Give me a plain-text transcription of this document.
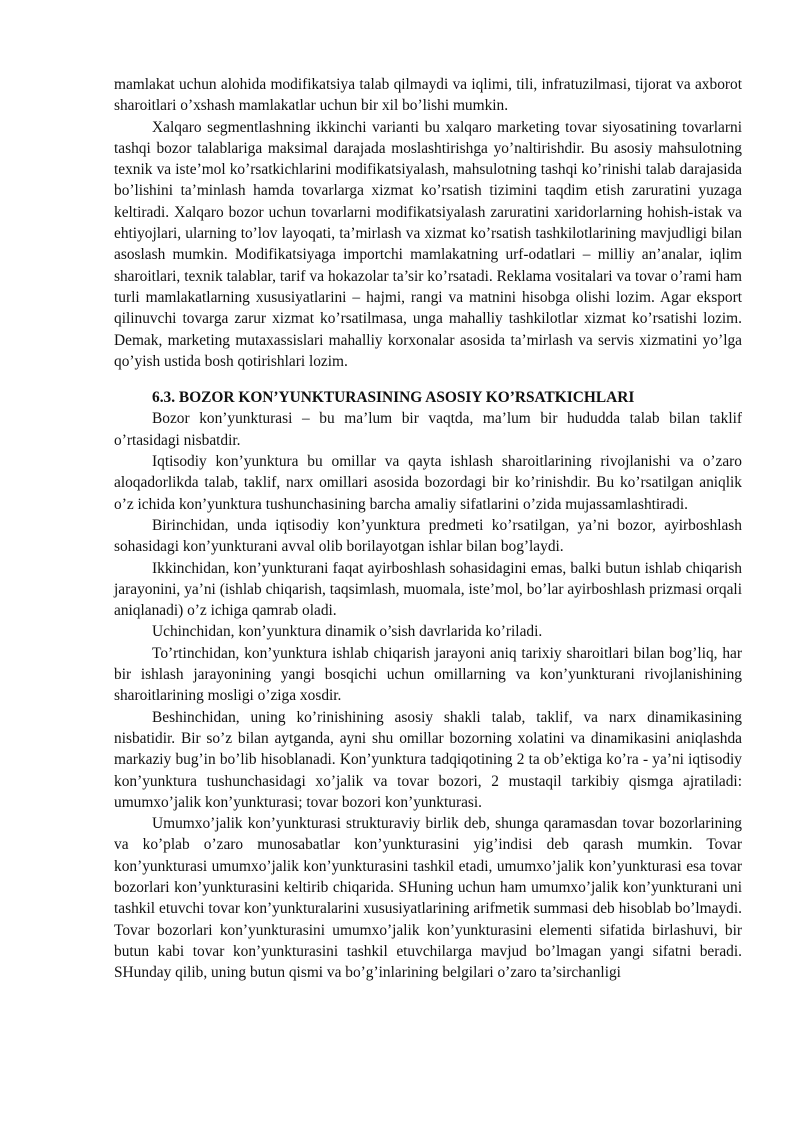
mamlakat uchun alohida modifikatsiya talab qilmaydi va iqlimi, tili, infratuzilmasi, tijorat va axborot sharoitlari o’xshash mamlakatlar uchun bir xil bo’lishi mumkin.

Xalqaro segmentlashning ikkinchi varianti bu xalqaro marketing tovar siyosatining tovarlarni tashqi bozor talablariga maksimal darajada moslashtirishga yo’naltirishdir. Bu asosiy mahsulotning texnik va iste’mol ko’rsatkichlarini modifikatsiyalash, mahsulotning tashqi ko’rinishi talab darajasida bo’lishini ta’minlash hamda tovarlarga xizmat ko’rsatish tizimini taqdim etish zaruratini yuzaga keltiradi. Xalqaro bozor uchun tovarlarni modifikatsiyalash zaruratini xaridorlarning hohish-istak va ehtiyojlari, ularning to’lov layoqati, ta’mirlash va xizmat ko’rsatish tashkilotlarining mavjudligi bilan asoslash mumkin. Modifikatsiyaga importchi mamlakatning urf-odatlari – milliy an’analar, iqlim sharoitlari, texnik talablar, tarif va hokazolar ta’sir ko’rsatadi. Reklama vositalari va tovar o’rami ham turli mamlakatlarning xususiyatlarini – hajmi, rangi va matnini hisobga olishi lozim. Agar eksport qilinuvchi tovarga zarur xizmat ko’rsatilmasa, unga mahalliy tashkilotlar xizmat ko’rsatishi lozim. Demak, marketing mutaxassislari mahalliy korxonalar asosida ta’mirlash va servis xizmatini yo’lga qo’yish ustida bosh qotirishlari lozim.

6.3. BOZOR KON’YUNKTURASINING ASOSIY KO’RSATKICHLARI

Bozor kon’yunkturasi – bu ma’lum bir vaqtda, ma’lum bir hududda talab bilan taklif o’rtasidagi nisbatdir.

Iqtisodiy kon’yunktura bu omillar va qayta ishlash sharoitlarining rivojlanishi va o’zaro aloqadorlikda talab, taklif, narx omillari asosida bozordagi bir ko’rinishdir. Bu ko’rsatilgan aniqlik o’z ichida kon’yunktura tushunchasining barcha amaliy sifatlarini o’zida mujassamlashtiradi.

Birinchidan, unda iqtisodiy kon’yunktura predmeti ko’rsatilgan, ya’ni bozor, ayirboshlash sohasidagi kon’yunkturani avval olib borilayotgan ishlar bilan bog’laydi.

Ikkinchidan, kon’yunkturani faqat ayirboshlash sohasidagini emas, balki butun ishlab chiqarish jarayonini, ya’ni (ishlab chiqarish, taqsimlash, muomala, iste’mol, bo’lar ayirboshlash prizmasi orqali aniqlanadi) o’z ichiga qamrab oladi.

Uchinchidan, kon’yunktura dinamik o’sish davrlarida ko’riladi.

To’rtinchidan, kon’yunktura ishlab chiqarish jarayoni aniq tarixiy sharoitlari bilan bog’liq, har bir ishlash jarayonining yangi bosqichi uchun omillarning va kon’yunkturani rivojlanishining sharoitlarining mosligi o’ziga xosdir.

Beshinchidan, uning ko’rinishining asosiy shakli talab, taklif, va narx dinamikasining nisbatidir. Bir so’z bilan aytganda, ayni shu omillar bozorning xolatini va dinamikasini aniqlashda markaziy bug’in bo’lib hisoblanadi. Kon’yunktura tadqiqotining 2 ta ob’ektiga ko’ra - ya’ni iqtisodiy kon’yunktura tushunchasidagi xo’jalik va tovar bozori, 2 mustaqil tarkibiy qismga ajratiladi: umumxo’jalik kon’yunkturasi; tovar bozori kon’yunkturasi.

Umumxo’jalik kon’yunkturasi strukturaviy birlik deb, shunga qaramasdan tovar bozorlarining va ko’plab o’zaro munosabatlar kon’yunkturasini yig’indisi deb qarash mumkin. Tovar kon’yunkturasi umumxo’jalik kon’yunkturasini tashkil etadi, umumxo’jalik kon’yunkturasi esa tovar bozorlari kon’yunkturasini keltirib chiqarida. SHuning uchun ham umumxo’jalik kon’yunkturani uni tashkil etuvchi tovar kon’yunkturalarini xususiyatlarining arifmetik summasi deb hisoblab bo’lmaydi. Tovar bozorlari kon’yunkturasini umumxo’jalik kon’yunkturasini elementi sifatida birlashuvi, bir butun kabi tovar kon’yunkturasini tashkil etuvchilarga mavjud bo’lmagan yangi sifatni beradi. SHunday qilib, uning butun qismi va bo’g’inlarining belgilari o’zaro ta’sirchanligi
